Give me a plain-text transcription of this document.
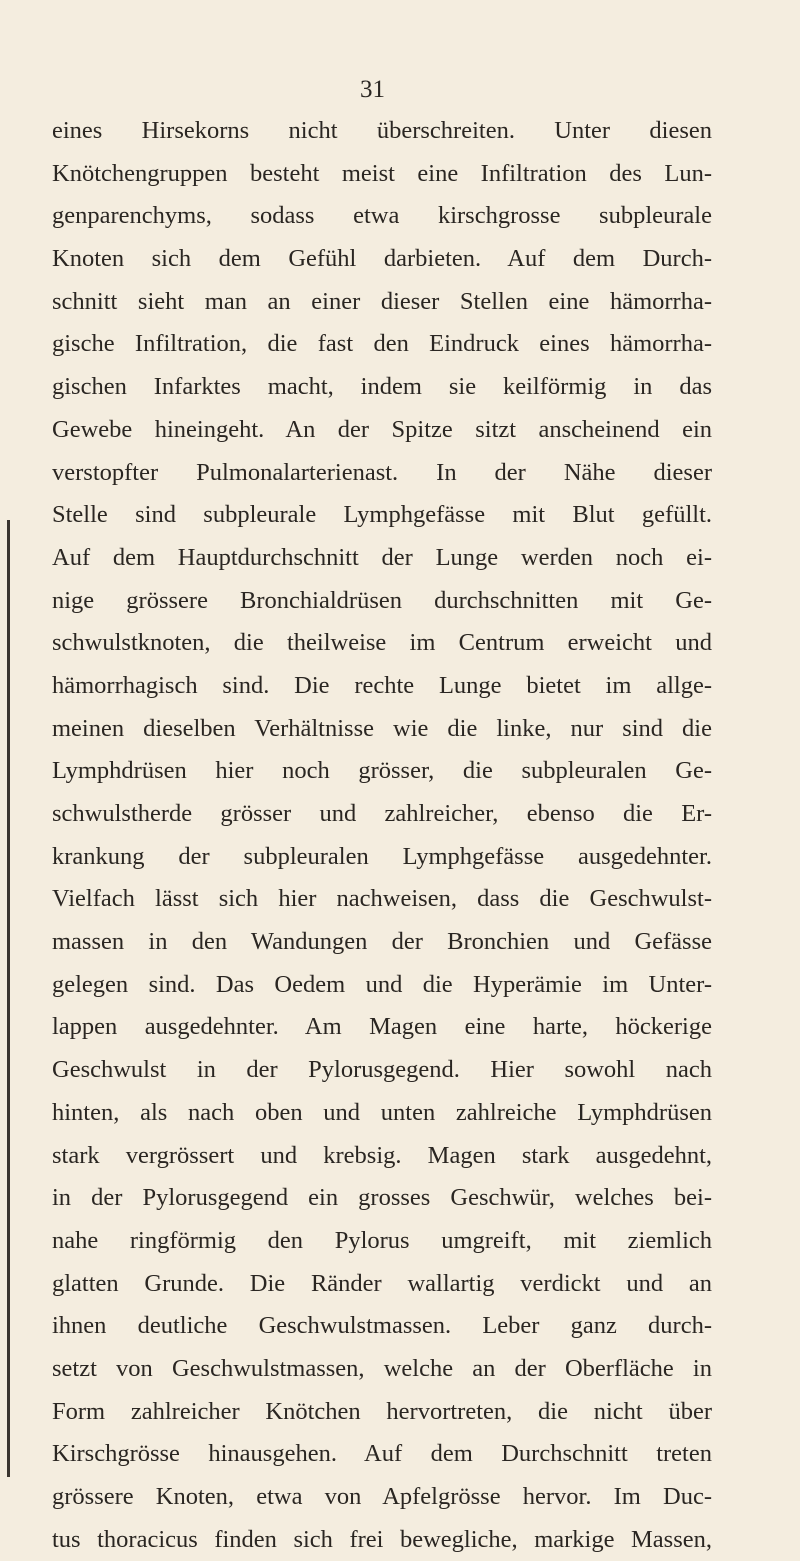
31
eines Hirsekorns nicht überschreiten. Unter diesen
Knötchengruppen besteht meist eine Infiltration des Lun-
genparenchyms, sodass etwa kirschgrosse subpleurale
Knoten sich dem Gefühl darbieten. Auf dem Durch-
schnitt sieht man an einer dieser Stellen eine hämorrha-
gische Infiltration, die fast den Eindruck eines hämorrha-
gischen Infarktes macht, indem sie keilförmig in das
Gewebe hineingeht. An der Spitze sitzt anscheinend ein
verstopfter Pulmonalarterienast. In der Nähe dieser
Stelle sind subpleurale Lymphgefässe mit Blut gefüllt.
Auf dem Hauptdurchschnitt der Lunge werden noch ei-
nige grössere Bronchialdrüsen durchschnitten mit Ge-
schwulstknoten, die theilweise im Centrum erweicht und
hämorrhagisch sind. Die rechte Lunge bietet im allge-
meinen dieselben Verhältnisse wie die linke, nur sind die
Lymphdrüsen hier noch grösser, die subpleuralen Ge-
schwulstherde grösser und zahlreicher, ebenso die Er-
krankung der subpleuralen Lymphgefässe ausgedehnter.
Vielfach lässt sich hier nachweisen, dass die Geschwulst-
massen in den Wandungen der Bronchien und Gefässe
gelegen sind. Das Oedem und die Hyperämie im Unter-
lappen ausgedehnter. Am Magen eine harte, höckerige
Geschwulst in der Pylorusgegend. Hier sowohl nach
hinten, als nach oben und unten zahlreiche Lymphdrüsen
stark vergrössert und krebsig. Magen stark ausgedehnt,
in der Pylorusgegend ein grosses Geschwür, welches bei-
nahe ringförmig den Pylorus umgreift, mit ziemlich
glatten Grunde. Die Ränder wallartig verdickt und an
ihnen deutliche Geschwulstmassen. Leber ganz durch-
setzt von Geschwulstmassen, welche an der Oberfläche in
Form zahlreicher Knötchen hervortreten, die nicht über
Kirschgrösse hinausgehen. Auf dem Durchschnitt treten
grössere Knoten, etwa von Apfelgrösse hervor. Im Duc-
tus thoracicus finden sich frei bewegliche, markige Massen,
